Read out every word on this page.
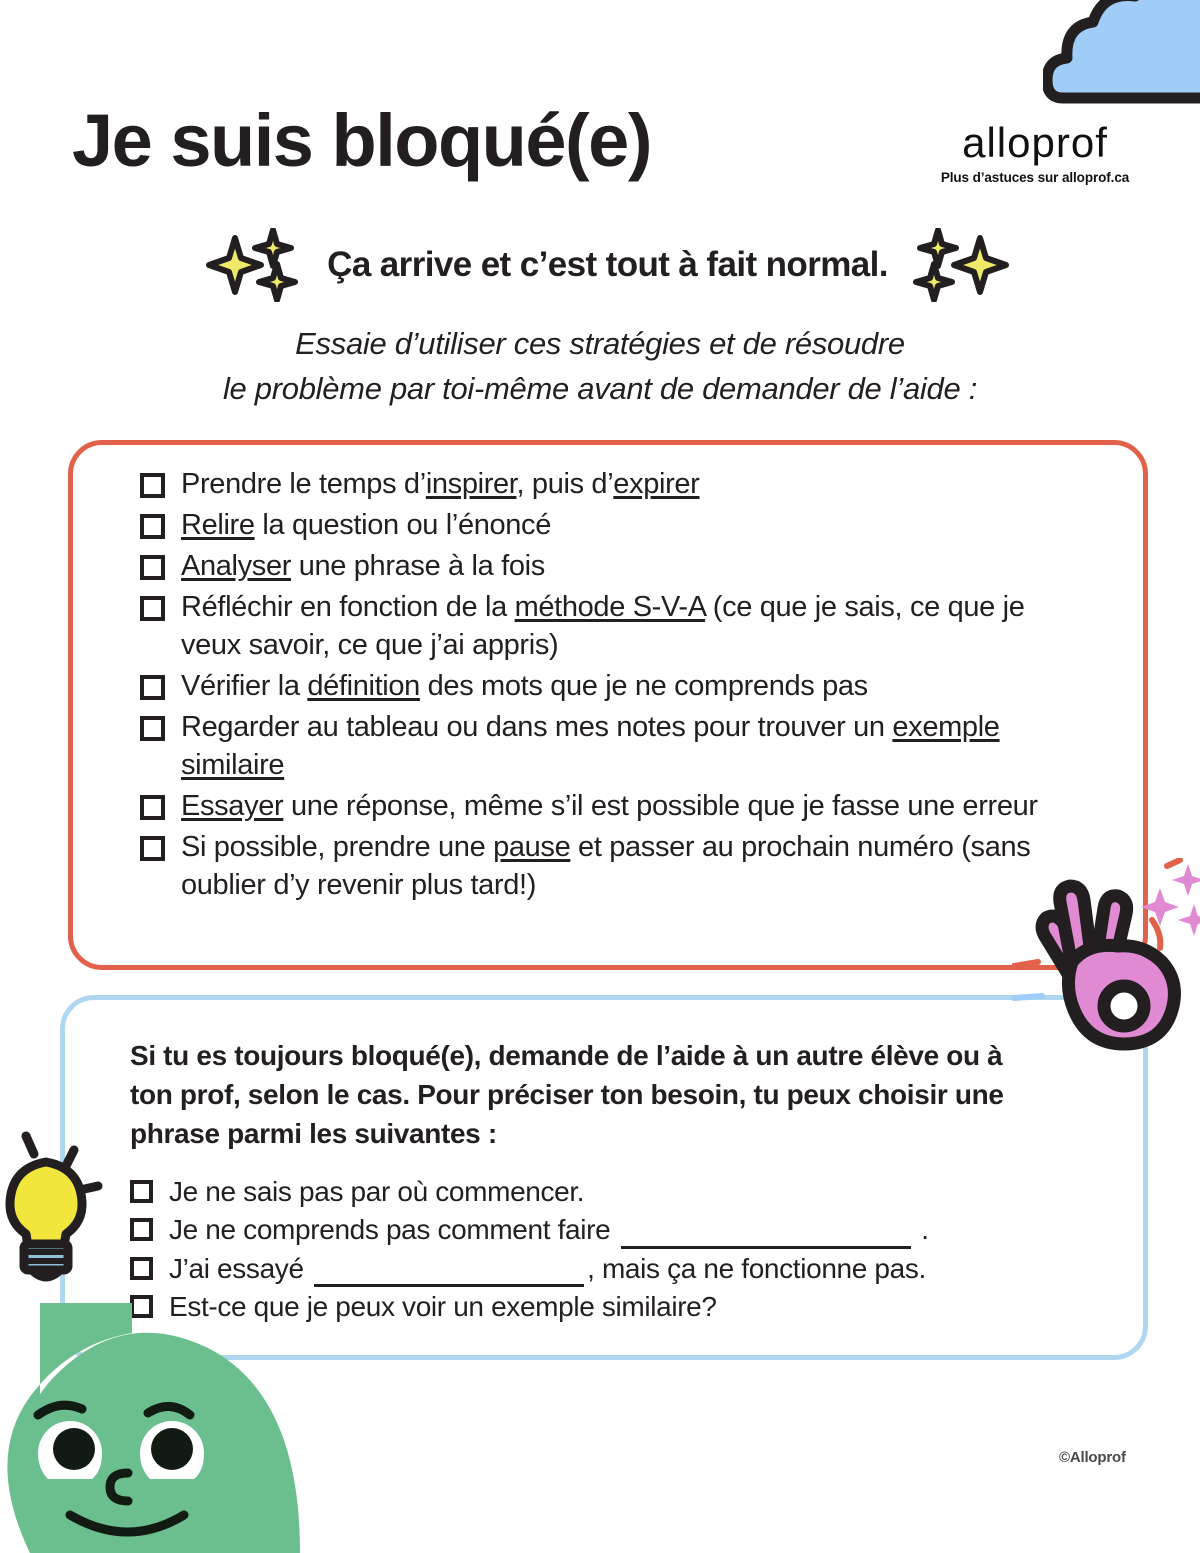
Je suis bloqué(e)	alloprof
Plus d’astuces sur alloprof.ca
Ça arrive et c’est tout à fait normal.
Essaie d’utiliser ces stratégies et de résoudre
le problème par toi-même avant de demander de l’aide :
Prendre le temps d’inspirer, puis d’expirer
Relire la question ou l’énoncé
Analyser une phrase à la fois
Réfléchir en fonction de la méthode S-V-A (ce que je sais, ce que je veux savoir, ce que j’ai appris)
Vérifier la définition des mots que je ne comprends pas
Regarder au tableau ou dans mes notes pour trouver un exemple similaire
Essayer une réponse, même s’il est possible que je fasse une erreur
Si possible, prendre une pause et passer au prochain numéro (sans oublier d’y revenir plus tard!)
Si tu es toujours bloqué(e), demande de l’aide à un autre élève ou à ton prof, selon le cas. Pour préciser ton besoin, tu peux choisir une phrase parmi les suivantes :
Je ne sais pas par où commencer.
Je ne comprends pas comment faire	.
J’ai essayé	, mais ça ne fonctionne pas.
Est-ce que je peux voir un exemple similaire?
©Alloprof
